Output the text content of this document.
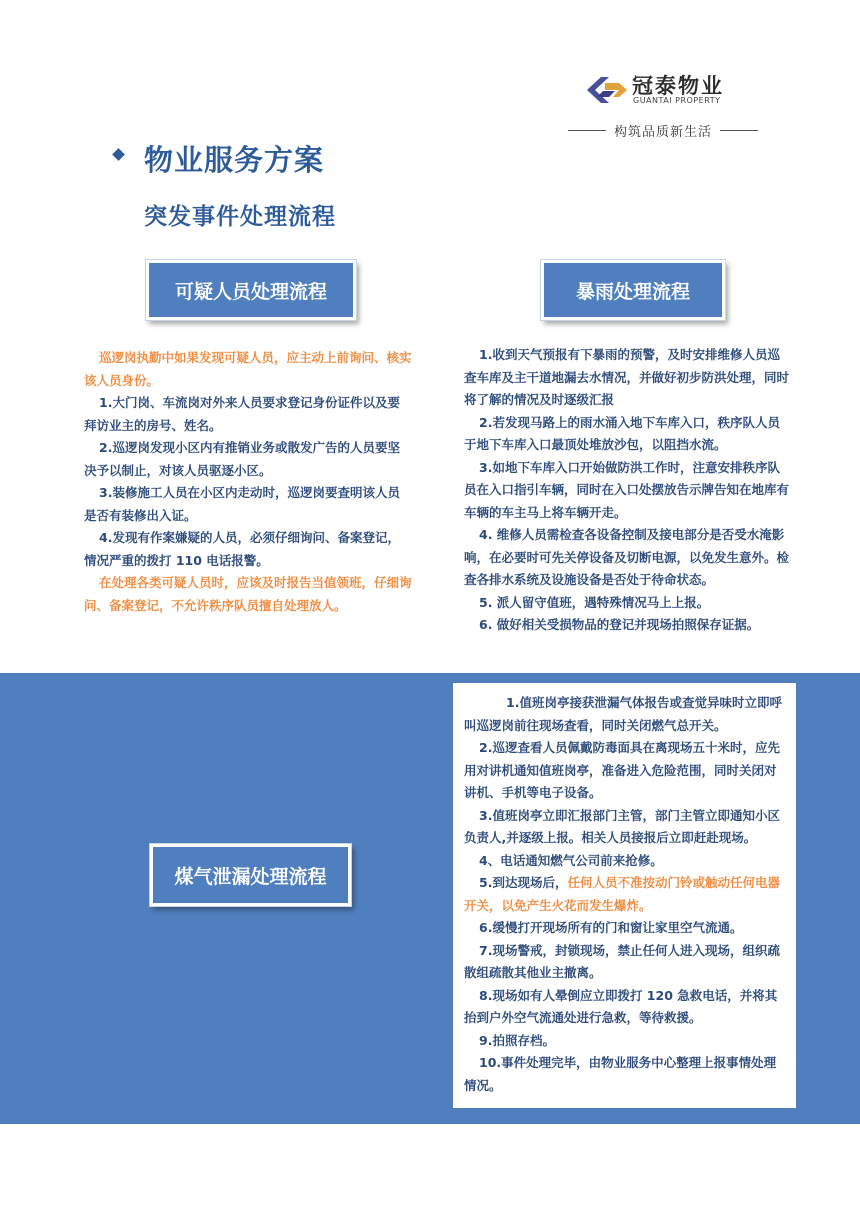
冠泰物业
GUANTAI PROPERTY
构筑品质新生活
物业服务方案
突发事件处理流程
可疑人员处理流程	暴雨处理流程

巡逻岗执勤中如果发现可疑人员，应主动上前询问、核实该人员身份。

1.大门岗、车流岗对外来人员要求登记身份证件以及要拜访业主的房号、姓名。

2.巡逻岗发现小区内有推销业务或散发广告的人员要坚决予以制止，对该人员驱逐小区。

3.装修施工人员在小区内走动时，巡逻岗要查明该人员是否有装修出入证。

4.发现有作案嫌疑的人员，必须仔细询问、备案登记，情况严重的拨打 110 电话报警。

在处理各类可疑人员时，应该及时报告当值领班，仔细询问、备案登记，不允许秩序队员擅自处理放人。

1.收到天气预报有下暴雨的预警，及时安排维修人员巡查车库及主干道地漏去水情况，并做好初步防洪处理，同时将了解的情况及时逐级汇报

2.若发现马路上的雨水涌入地下车库入口，秩序队人员于地下车库入口最顶处堆放沙包，以阻挡水流。

3.如地下车库入口开始做防洪工作时，注意安排秩序队员在入口指引车辆，同时在入口处摆放告示牌告知在地库有车辆的车主马上将车辆开走。

4. 维修人员需检查各设备控制及接电部分是否受水淹影响，在必要时可先关停设备及切断电源，以免发生意外。检查各排水系统及设施设备是否处于待命状态。

5. 派人留守值班，遇特殊情况马上上报。

6. 做好相关受损物品的登记并现场拍照保存证据。

煤气泄漏处理流程

1.值班岗亭接获泄漏气体报告或查觉异味时立即呼叫巡逻岗前往现场查看，同时关闭燃气总开关。

2.巡逻查看人员佩戴防毒面具在离现场五十米时，应先用对讲机通知值班岗亭，准备进入危险范围，同时关闭对讲机、手机等电子设备。

3.值班岗亭立即汇报部门主管，部门主管立即通知小区负责人,并逐级上报。相关人员接报后立即赶赴现场。

4、电话通知燃气公司前来抢修。

5.到达现场后，任何人员不准按动门铃或触动任何电器开关，以免产生火花而发生爆炸。

6.缓慢打开现场所有的门和窗让家里空气流通。

7.现场警戒，封锁现场，禁止任何人进入现场，组织疏散组疏散其他业主撤离。

8.现场如有人晕倒应立即拨打 120 急救电话，并将其抬到户外空气流通处进行急救，等待救援。

9.拍照存档。

10.事件处理完毕，由物业服务中心整理上报事情处理情况。
